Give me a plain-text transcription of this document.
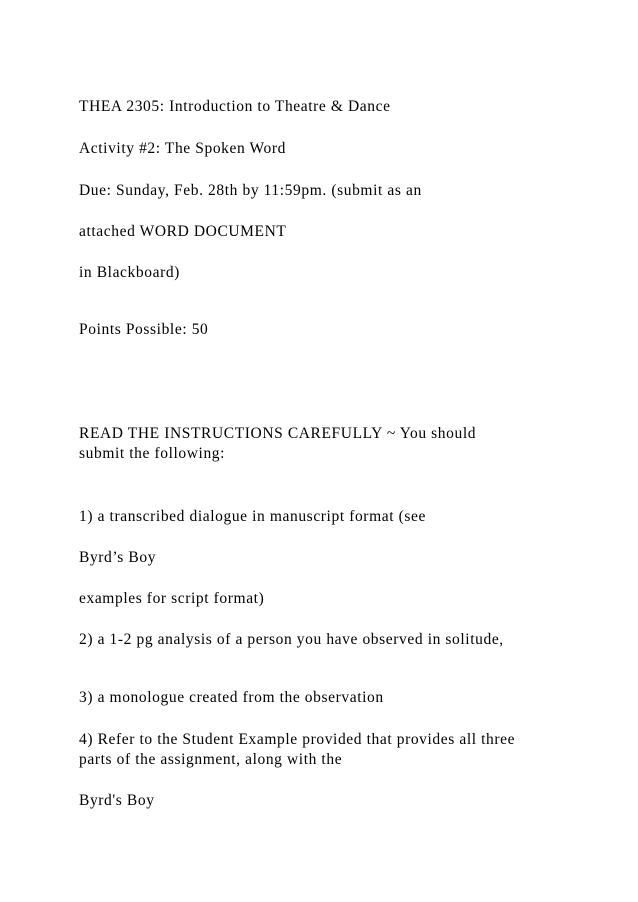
THEA 2305: Introduction to Theatre & Dance
Activity #2: The Spoken Word
Due: Sunday, Feb. 28th by 11:59pm. (submit as an
attached WORD DOCUMENT
in Blackboard)
Points Possible: 50
READ THE INSTRUCTIONS CAREFULLY ~ You should
submit the following:
1) a transcribed dialogue in manuscript format (see
Byrd’s Boy
examples for script format)
2) a 1-2 pg analysis of a person you have observed in solitude,
3) a monologue created from the observation
4) Refer to the Student Example provided that provides all three
parts of the assignment, along with the
Byrd's Boy
